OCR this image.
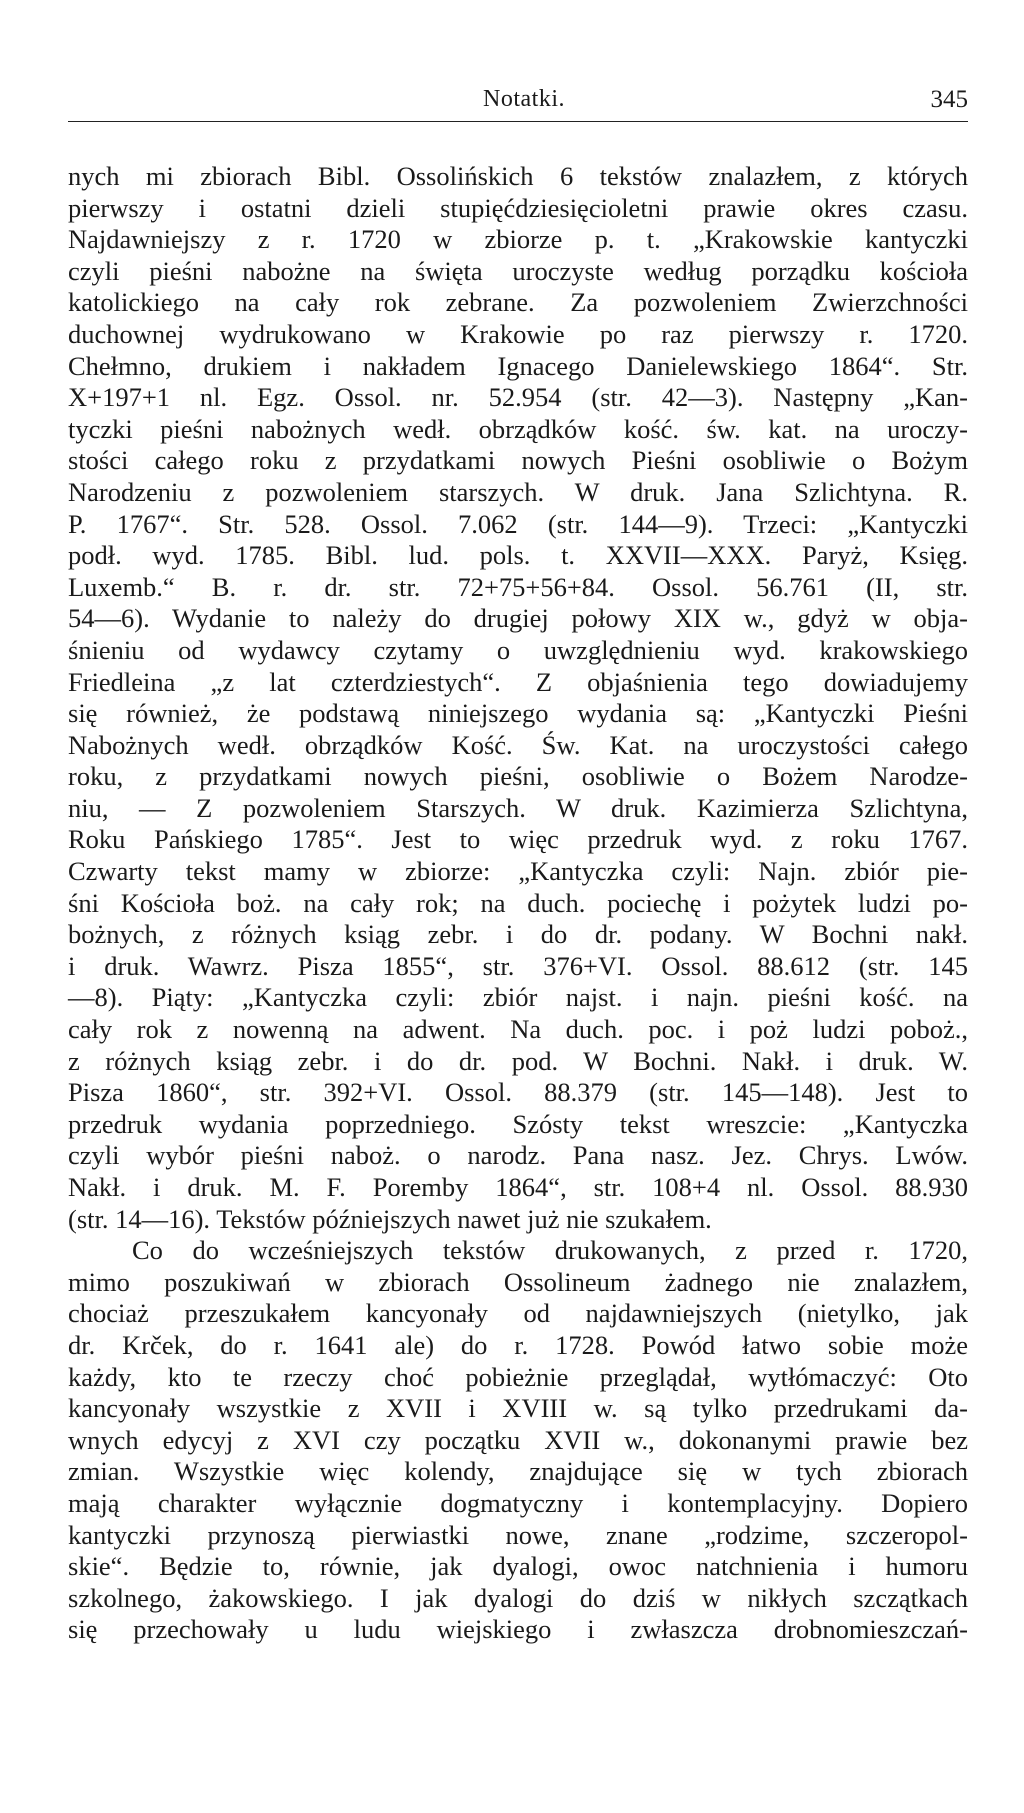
Notatki.	345
nych mi zbiorach Bibl. Ossolińskich 6 tekstów znalazłem, z których
pierwszy i ostatni dzieli stupięćdziesięcioletni prawie okres czasu.
Najdawniejszy z r. 1720 w zbiorze p. t. „Krakowskie kantyczki
czyli pieśni nabożne na święta uroczyste według porządku kościoła
katolickiego na cały rok zebrane. Za pozwoleniem Zwierzchności
duchownej wydrukowano w Krakowie po raz pierwszy r. 1720.
Chełmno, drukiem i nakładem Ignacego Danielewskiego 1864“. Str.
X+197+1 nl. Egz. Ossol. nr. 52.954 (str. 42—3). Następny „Kan-
tyczki pieśni nabożnych wedł. obrządków kość. św. kat. na uroczy-
stości całego roku z przydatkami nowych Pieśni osobliwie o Bożym
Narodzeniu z pozwoleniem starszych. W druk. Jana Szlichtyna. R.
P. 1767“. Str. 528. Ossol. 7.062 (str. 144—9). Trzeci: „Kantyczki
podł. wyd. 1785. Bibl. lud. pols. t. XXVII—XXX. Paryż, Księg.
Luxemb.“ B. r. dr. str. 72+75+56+84. Ossol. 56.761 (II, str.
54—6). Wydanie to należy do drugiej połowy XIX w., gdyż w obja-
śnieniu od wydawcy czytamy o uwzględnieniu wyd. krakowskiego
Friedleina „z lat czterdziestych“. Z objaśnienia tego dowiadujemy
się również, że podstawą niniejszego wydania są: „Kantyczki Pieśni
Nabożnych wedł. obrządków Kość. Św. Kat. na uroczystości całego
roku, z przydatkami nowych pieśni, osobliwie o Bożem Narodze-
niu, — Z pozwoleniem Starszych. W druk. Kazimierza Szlichtyna,
Roku Pańskiego 1785“. Jest to więc przedruk wyd. z roku 1767.
Czwarty tekst mamy w zbiorze: „Kantyczka czyli: Najn. zbiór pie-
śni Kościoła boż. na cały rok; na duch. pociechę i pożytek ludzi po-
bożnych, z różnych ksiąg zebr. i do dr. podany. W Bochni nakł.
i druk. Wawrz. Pisza 1855“, str. 376+VI. Ossol. 88.612 (str. 145
—8). Piąty: „Kantyczka czyli: zbiór najst. i najn. pieśni kość. na
cały rok z nowenną na adwent. Na duch. poc. i poż ludzi poboż.,
z różnych ksiąg zebr. i do dr. pod. W Bochni. Nakł. i druk. W.
Pisza 1860“, str. 392+VI. Ossol. 88.379 (str. 145—148). Jest to
przedruk wydania poprzedniego. Szósty tekst wreszcie: „Kantyczka
czyli wybór pieśni naboż. o narodz. Pana nasz. Jez. Chrys. Lwów.
Nakł. i druk. M. F. Poremby 1864“, str. 108+4 nl. Ossol. 88.930
(str. 14—16). Tekstów późniejszych nawet już nie szukałem.
Co do wcześniejszych tekstów drukowanych, z przed r. 1720,
mimo poszukiwań w zbiorach Ossolineum żadnego nie znalazłem,
chociaż przeszukałem kancyonały od najdawniejszych (nietylko, jak
dr. Krček, do r. 1641 ale) do r. 1728. Powód łatwo sobie może
każdy, kto te rzeczy choć pobieżnie przeglądał, wytłómaczyć: Oto
kancyonały wszystkie z XVII i XVIII w. są tylko przedrukami da-
wnych edycyj z XVI czy początku XVII w., dokonanymi prawie bez
zmian. Wszystkie więc kolendy, znajdujące się w tych zbiorach
mają charakter wyłącznie dogmatyczny i kontemplacyjny. Dopiero
kantyczki przynoszą pierwiastki nowe, znane „rodzime, szczeropol-
skie“. Będzie to, równie, jak dyalogi, owoc natchnienia i humoru
szkolnego, żakowskiego. I jak dyalogi do dziś w nikłych szczątkach
się przechowały u ludu wiejskiego i zwłaszcza drobnomieszczań-
